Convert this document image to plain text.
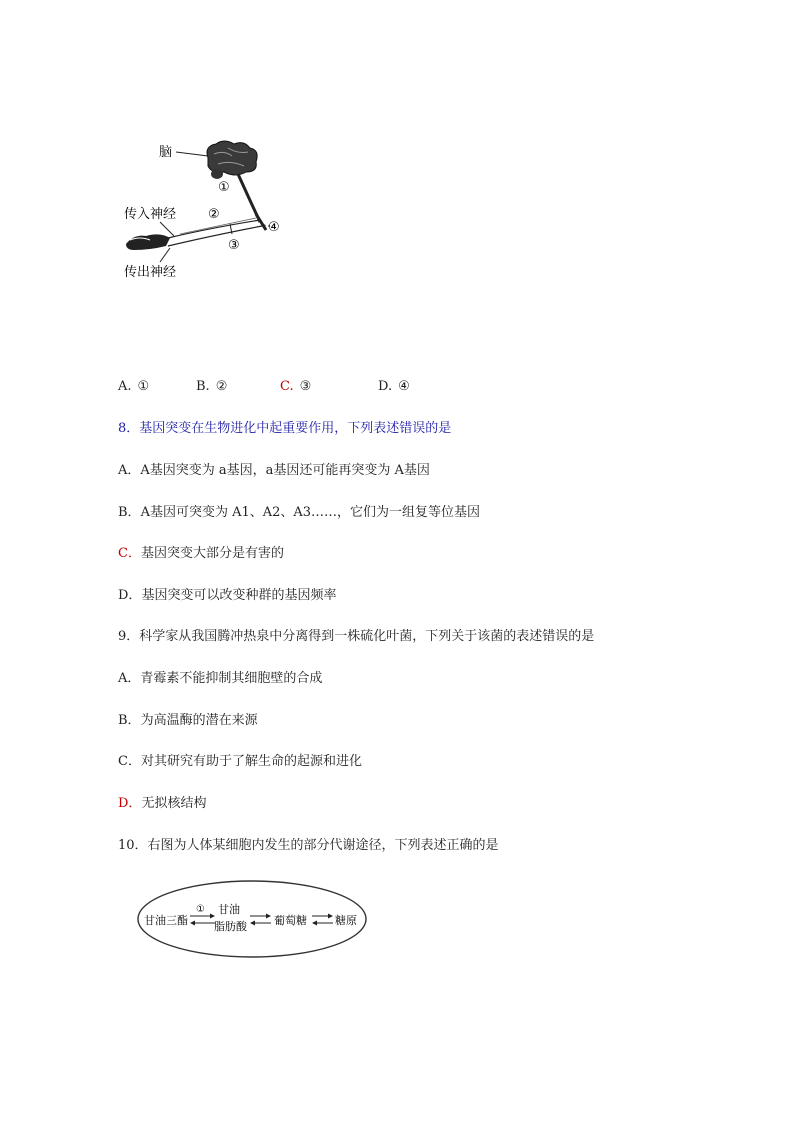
脑
①
②
③
④
传入神经
传出神经
A. ①	B. ②	C. ③	D. ④
8．基因突变在生物进化中起重要作用，下列表述错误的是
A．A基因突变为 a基因，a基因还可能再突变为 A基因
B．A基因可突变为 A1、A2、A3……，它们为一组复等位基因
C．基因突变大部分是有害的
D．基因突变可以改变种群的基因频率
9．科学家从我国腾冲热泉中分离得到一株硫化叶菌，下列关于该菌的表述错误的是
A．青霉素不能抑制其细胞壁的合成
B．为高温酶的潜在来源
C．对其研究有助于了解生命的起源和进化
D．无拟核结构
10．右图为人体某细胞内发生的部分代谢途径，下列表述正确的是
甘油三酯
① 甘油
脂肪酸 葡萄糖	糖原
